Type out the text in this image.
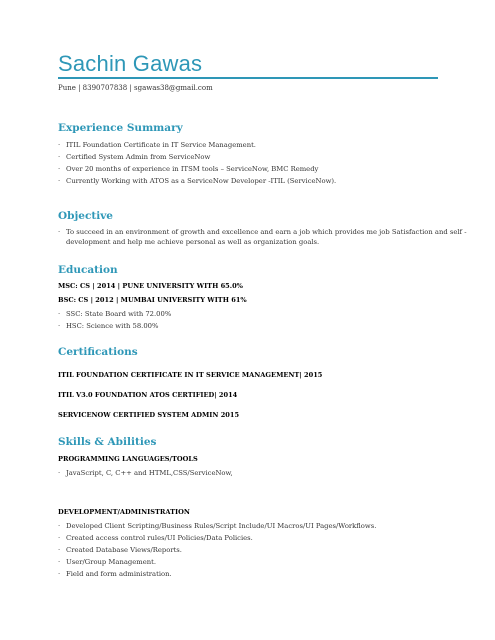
Sachin Gawas
Pune | 8390707838 | sgawas38@gmail.com
Experience Summary
· ITIL Foundation Certificate in IT Service Management.
· Certified System Admin from ServiceNow
· Over 20 months of experience in ITSM tools – ServiceNow, BMC Remedy
· Currently Working with ATOS as a ServiceNow Developer -ITIL (ServiceNow).
Objective
· To succeed in an environment of growth and excellence and earn a job which provides me job Satisfaction and self -
development and help me achieve personal as well as organization goals.
Education
MSC: CS | 2014 | PUNE UNIVERSITY WITH 65.0%
BSC: CS | 2012 | MUMBAI UNIVERSITY WITH 61%
· SSC: State Board with 72.00%
· HSC: Science with 58.00%
Certifications
ITIL FOUNDATION CERTIFICATE IN IT SERVICE MANAGEMENT| 2015
ITIL V3.0 FOUNDATION ATOS CERTIFIED| 2014
SERVICENOW CERTIFIED SYSTEM ADMIN 2015
Skills & Abilities
PROGRAMMING LANGUAGES/TOOLS
· JavaScript, C, C++ and HTML,CSS/ServiceNow,
DEVELOPMENT/ADMINISTRATION
· Developed Client Scripting/Business Rules/Script Include/UI Macros/UI Pages/Workflows.
· Created access control rules/UI Policies/Data Policies.
· Created Database Views/Reports.
· User/Group Management.
· Field and form administration.
